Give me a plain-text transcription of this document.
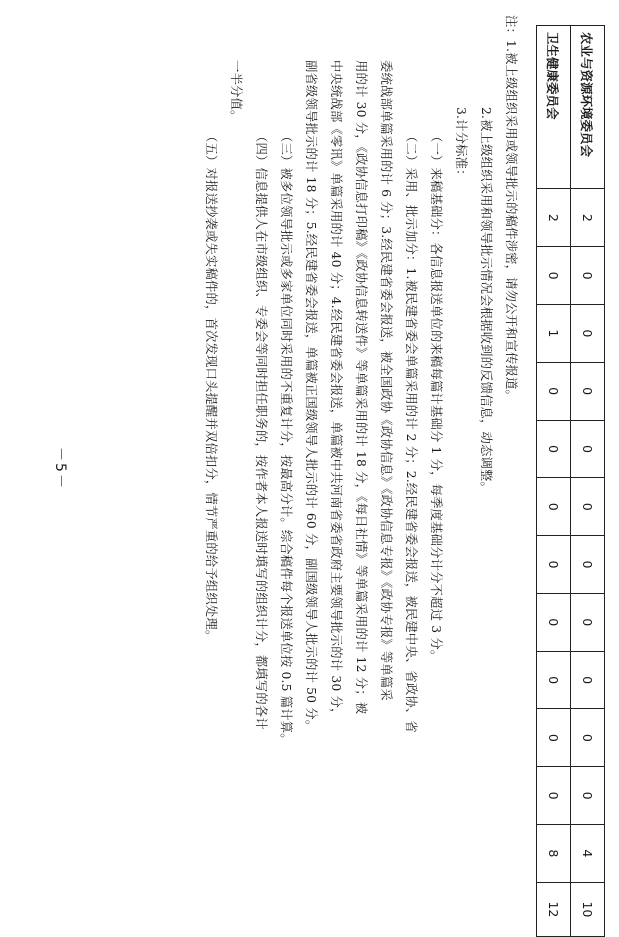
农业与资源环境委员会	2	0	0	0	0	0	0	0	0	0	0	4	10
卫生健康委员会	2	0	1	0	0	0	0	0	0	0	0	8	12

注：1.被上级组织采用或领导批示的稿件涉密，请勿公开和宣传报道。

2.被上级组织采用和领导批示情况会根据收到的反馈信息，动态调整。

3.计分标准：

（一）来稿基础分：各信息报送单位的来稿每篇计基础分 1 分，每季度基础分计分不超过 3 分。

（二）采用、批示加分：1.被民建省委会单篇采用的计 2 分；2.经民建省委会报送，被民建中央、省政协、省

委统战部单篇采用的计 6 分；3.经民建省委会报送，被全国政协《政协信息》《政协信息专报》《政协专报》等单篇采

用的计 30 分，《政协信息打印稿》《政协信息转送件》等单篇采用的计 18 分，《每日社情》等单篇采用的计 12 分；被

中央统战部《零讯》单篇采用的计 40 分；4.经民建省委会报送，单篇被中共河南省委省政府主要领导批示的计 30 分，

副省级领导批示的计 18 分；5.经民建省委会报送，单篇被正国级领导人批示的计 60 分，副国级领导人批示的计 50 分。

（三）被多位领导批示或多家单位同时采用的不重复计分，按最高分计。综合稿件每个报送单位按 0.5 篇计算。

（四）信息提供人在市级组织、专委会等同时担任职务的，按作者本人报送时填写的组织计分，都填写的各计

一半分值。

（五）对报送抄袭或失实稿件的，首次发现口头提醒并双倍扣分，情节严重的给予组织处理。

－5－
